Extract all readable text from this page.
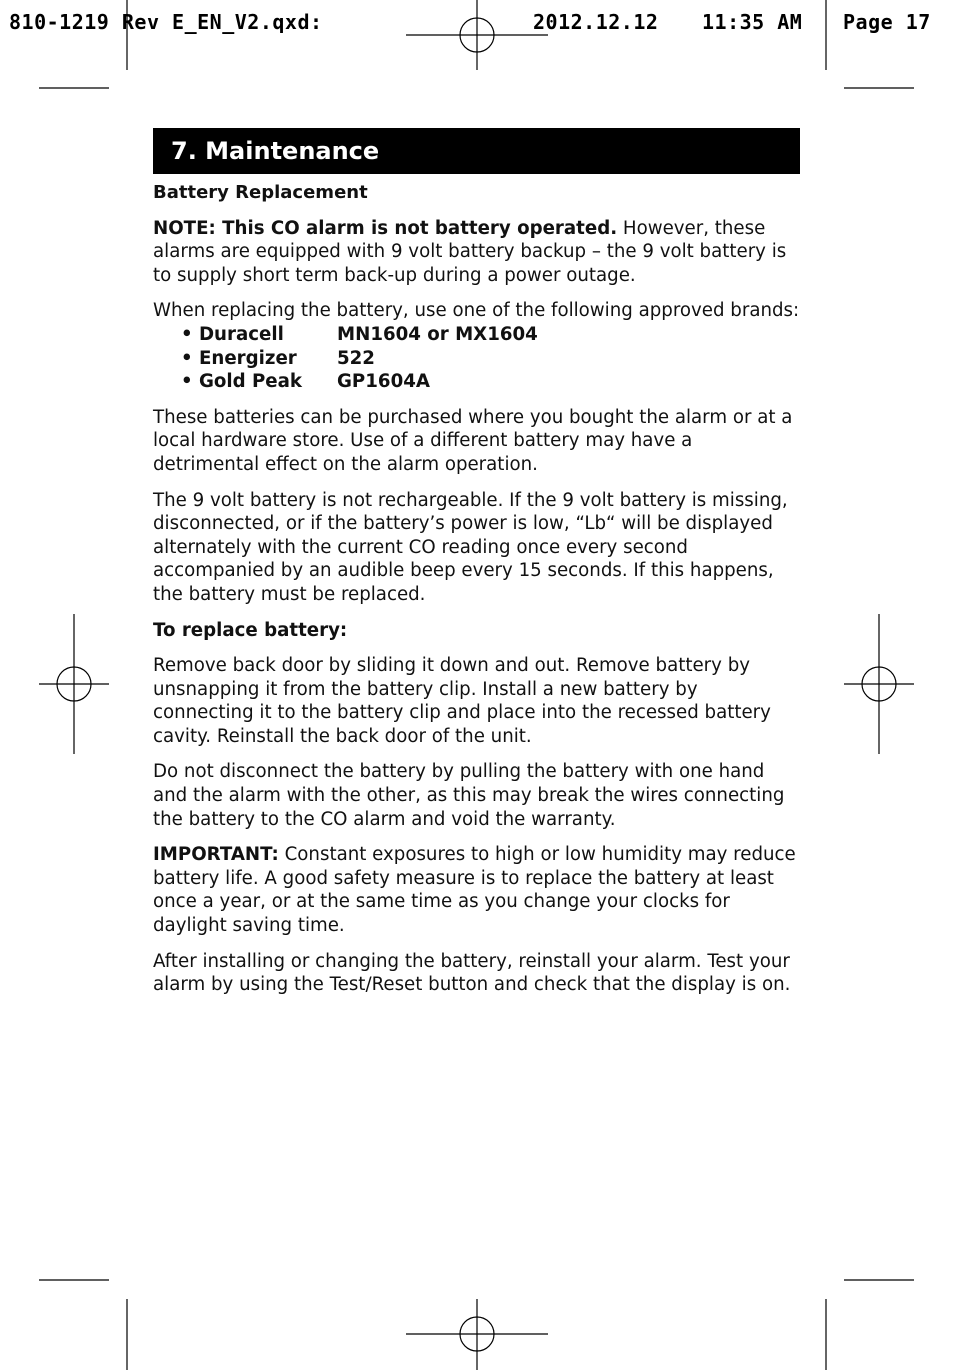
810-1219 Rev E_EN_V2.qxd:	2012.12.12 11:35 AM Page 17
7. Maintenance
Battery Replacement

NOTE: This CO alarm is not battery operated. However, these alarms are equipped with 9 volt battery backup – the 9 volt battery is to supply short term back-up during a power outage.

When replacing the battery, use one of the following approved brands:

• Duracell	MN1604 or MX1604
• Energizer 522
• Gold Peak GP1604A

These batteries can be purchased where you bought the alarm or at a local hardware store. Use of a different battery may have a detrimental effect on the alarm operation.

The 9 volt battery is not rechargeable. If the 9 volt battery is missing, disconnected, or if the battery’s power is low, “Lb“ will be displayed alternately with the current CO reading once every second accompanied by an audible beep every 15 seconds. If this happens, the battery must be replaced.

To replace battery:

Remove back door by sliding it down and out. Remove battery by unsnapping it from the battery clip. Install a new battery by connecting it to the battery clip and place into the recessed battery cavity. Reinstall the back door of the unit.

Do not disconnect the battery by pulling the battery with one hand and the alarm with the other, as this may break the wires connecting the battery to the CO alarm and void the warranty.

IMPORTANT: Constant exposures to high or low humidity may reduce battery life. A good safety measure is to replace the battery at least once a year, or at the same time as you change your clocks for daylight saving time.

After installing or changing the battery, reinstall your alarm. Test your alarm by using the Test/Reset button and check that the display is on.
